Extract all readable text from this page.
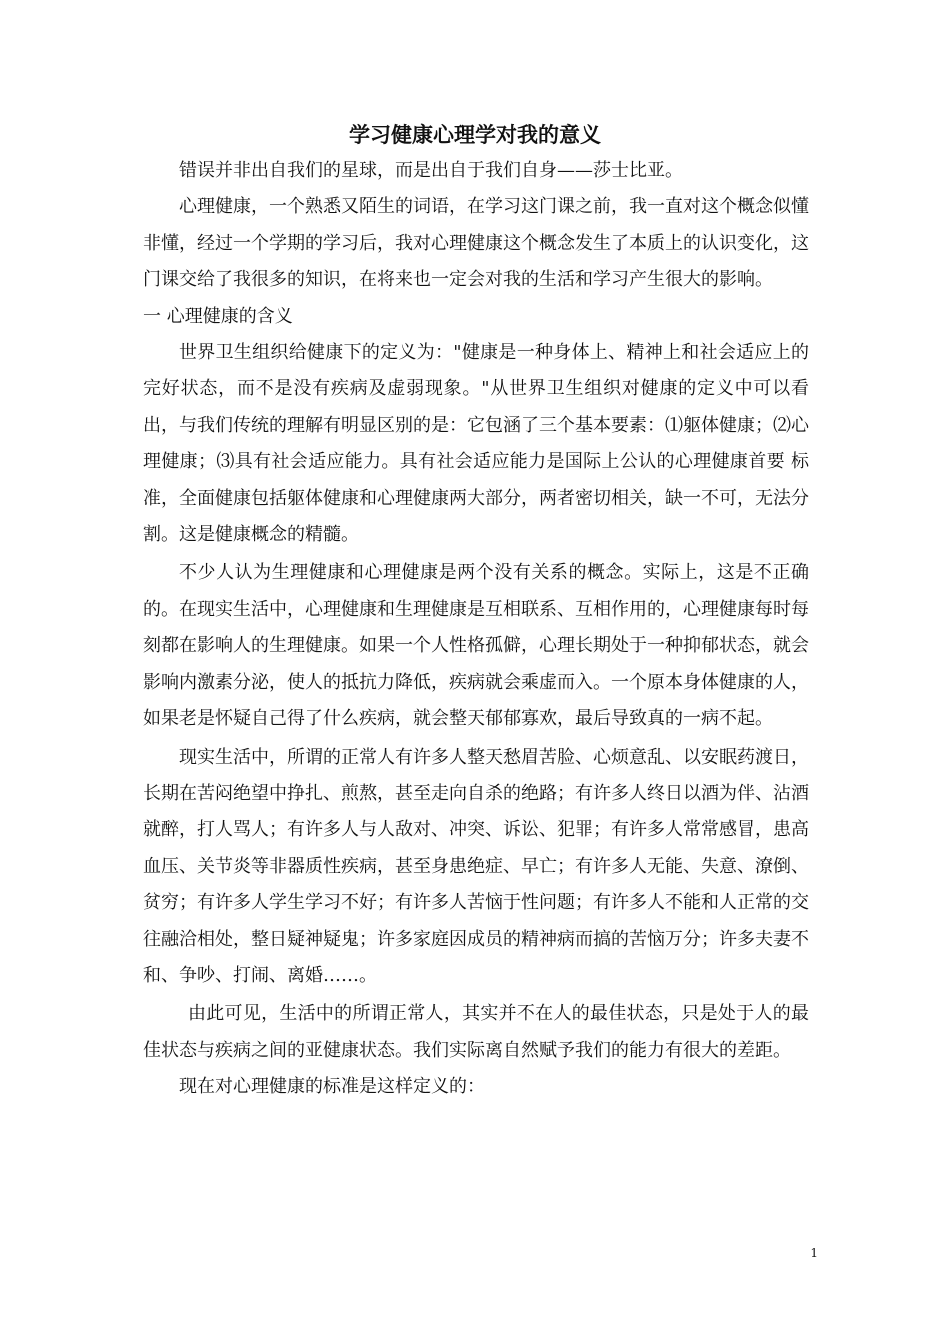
学习健康心理学对我的意义

错误并非出自我们的星球，而是出自于我们自身——莎士比亚。

心理健康，一个熟悉又陌生的词语，在学习这门课之前，我一直对这个概念似懂非懂，经过一个学期的学习后，我对心理健康这个概念发生了本质上的认识变化，这门课交给了我很多的知识，在将来也一定会对我的生活和学习产生很大的影响。

一 心理健康的含义

世界卫生组织给健康下的定义为："健康是一种身体上、精神上和社会适应上的完好状态，而不是没有疾病及虚弱现象。"从世界卫生组织对健康的定义中可以看 出，与我们传统的理解有明显区别的是：它包涵了三个基本要素：⑴躯体健康；⑵心理健康；⑶具有社会适应能力。具有社会适应能力是国际上公认的心理健康首要 标准，全面健康包括躯体健康和心理健康两大部分，两者密切相关，缺一不可，无法分割。这是健康概念的精髓。

不少人认为生理健康和心理健康是两个没有关系的概念。实际上，这是不正确的。在现实生活中，心理健康和生理健康是互相联系、互相作用的，心理健康每时每刻都在影响人的生理健康。如果一个人性格孤僻，心理长期处于一种抑郁状态，就会影响内激素分泌，使人的抵抗力降低，疾病就会乘虚而入。一个原本身体健康的人，如果老是怀疑自己得了什么疾病，就会整天郁郁寡欢，最后导致真的一病不起。

现实生活中，所谓的正常人有许多人整天愁眉苦脸、心烦意乱、以安眠药渡日，长期在苦闷绝望中挣扎、煎熬，甚至走向自杀的绝路；有许多人终日以酒为伴、沾酒就醉，打人骂人；有许多人与人敌对、冲突、诉讼、犯罪；有许多人常常感冒，患高血压、关节炎等非器质性疾病，甚至身患绝症、早亡；有许多人无能、失意、潦倒、贫穷；有许多人学生学习不好；有许多人苦恼于性问题；有许多人不能和人正常的交往融洽相处，整日疑神疑鬼；许多家庭因成员的精神病而搞的苦恼万分；许多夫妻不和、争吵、打闹、离婚……。

由此可见，生活中的所谓正常人，其实并不在人的最佳状态，只是处于人的最佳状态与疾病之间的亚健康状态。我们实际离自然赋予我们的能力有很大的差距。

现在对心理健康的标准是这样定义的：

1
